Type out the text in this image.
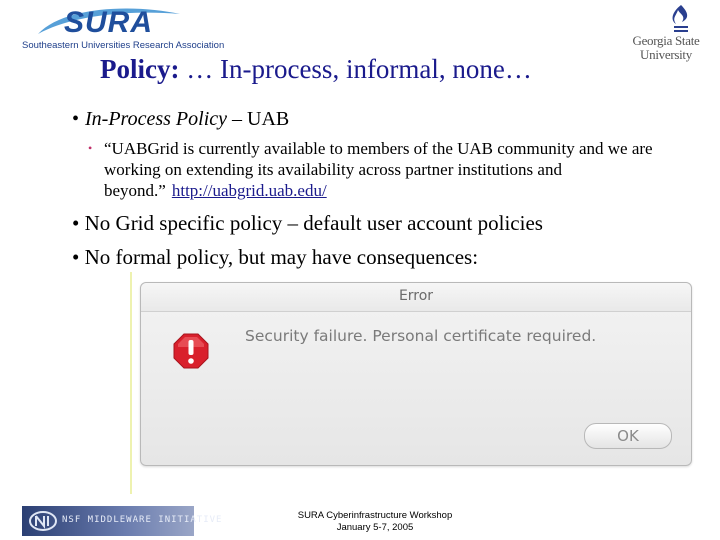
SURA
Southeastern Universities Research Association	Georgia State
University
Policy: … In-process, informal, none…
• In-Process Policy – UAB
• “UABGrid is currently available to members of the UAB community and we are working on extending its availability across partner institutions and beyond.” http://uabgrid.uab.edu/
• No Grid specific policy – default user account policies
• No formal policy, but may have consequences:
Error
Security failure. Personal certificate required.
OK
NSF MIDDLEWARE INITIATIVE	SURA Cyberinfrastructure Workshop
January 5-7, 2005
